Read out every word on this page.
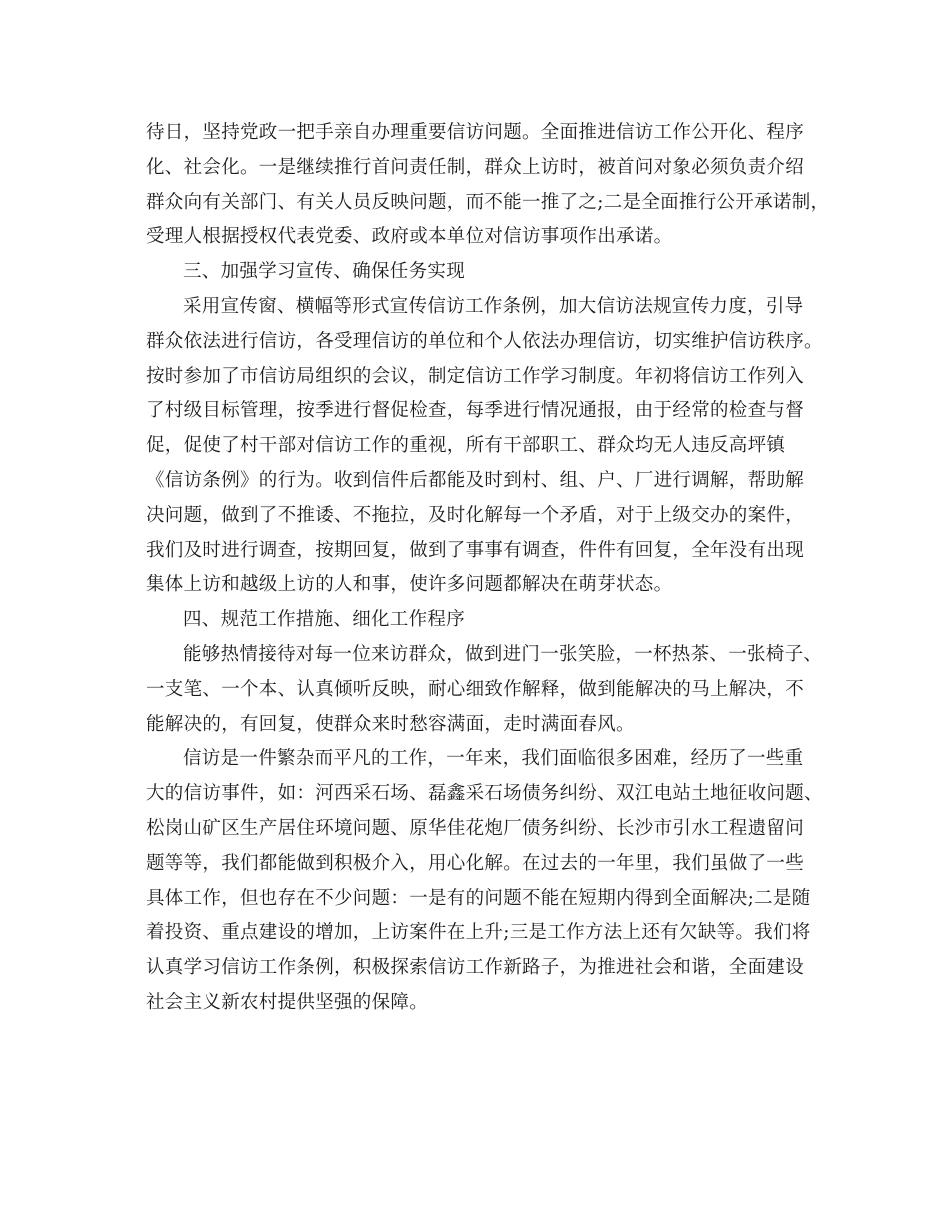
待日，坚持党政一把手亲自办理重要信访问题。全面推进信访工作公开化、程序
化、社会化。一是继续推行首问责任制，群众上访时，被首问对象必须负责介绍
群众向有关部门、有关人员反映问题，而不能一推了之;二是全面推行公开承诺制，
受理人根据授权代表党委、政府或本单位对信访事项作出承诺。
三、加强学习宣传、确保任务实现
采用宣传窗、横幅等形式宣传信访工作条例，加大信访法规宣传力度，引导
群众依法进行信访，各受理信访的单位和个人依法办理信访，切实维护信访秩序。
按时参加了市信访局组织的会议，制定信访工作学习制度。年初将信访工作列入
了村级目标管理，按季进行督促检查，每季进行情况通报，由于经常的检查与督
促，促使了村干部对信访工作的重视，所有干部职工、群众均无人违反高坪镇
《信访条例》的行为。收到信件后都能及时到村、组、户、厂进行调解，帮助解
决问题，做到了不推诿、不拖拉，及时化解每一个矛盾，对于上级交办的案件，
我们及时进行调查，按期回复，做到了事事有调查，件件有回复，全年没有出现
集体上访和越级上访的人和事，使许多问题都解决在萌芽状态。
四、规范工作措施、细化工作程序
能够热情接待对每一位来访群众，做到进门一张笑脸，一杯热茶、一张椅子、
一支笔、一个本、认真倾听反映，耐心细致作解释，做到能解决的马上解决，不
能解决的，有回复，使群众来时愁容满面，走时满面春风。
信访是一件繁杂而平凡的工作，一年来，我们面临很多困难，经历了一些重
大的信访事件，如：河西采石场、磊鑫采石场债务纠纷、双江电站土地征收问题、
松岗山矿区生产居住环境问题、原华佳花炮厂债务纠纷、长沙市引水工程遗留问
题等等，我们都能做到积极介入，用心化解。在过去的一年里，我们虽做了一些
具体工作，但也存在不少问题：一是有的问题不能在短期内得到全面解决;二是随
着投资、重点建设的增加，上访案件在上升;三是工作方法上还有欠缺等。我们将
认真学习信访工作条例，积极探索信访工作新路子，为推进社会和谐，全面建设
社会主义新农村提供坚强的保障。
